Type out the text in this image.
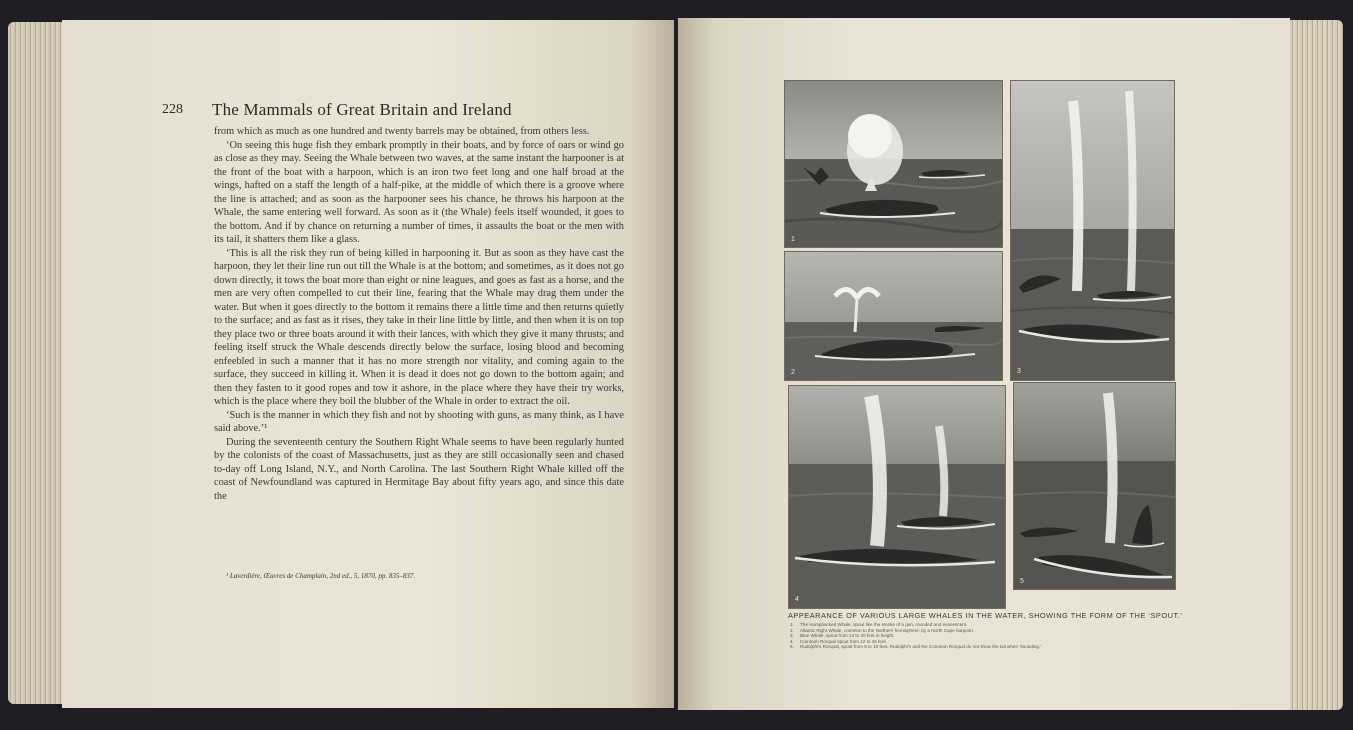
228 The Mammals of Great Britain and Ireland

from which as much as one hundred and twenty barrels may be obtained, from others less.

‘On seeing this huge fish they embark promptly in their boats, and by force of oars or wind go as close as they may. Seeing the Whale between two waves, at the same instant the harpooner is at the front of the boat with a harpoon, which is an iron two feet long and one half broad at the wings, hafted on a staff the length of a half-pike, at the middle of which there is a groove where the line is attached; and as soon as the harpooner sees his chance, he throws his harpoon at the Whale, the same entering well forward. As soon as it (the Whale) feels itself wounded, it goes to the bottom. And if by chance on returning a number of times, it assaults the boat or the men with its tail, it shatters them like a glass.

‘This is all the risk they run of being killed in harpooning it. But as soon as they have cast the harpoon, they let their line run out till the Whale is at the bottom; and sometimes, as it does not go down directly, it tows the boat more than eight or nine leagues, and goes as fast as a horse, and the men are very often compelled to cut their line, fearing that the Whale may drag them under the water. But when it goes directly to the bottom it remains there a little time and then returns quietly to the surface; and as fast as it rises, they take in their line little by little, and then when it is on top they place two or three boats around it with their lances, with which they give it many thrusts; and feeling itself struck the Whale descends directly below the surface, losing blood and becoming enfeebled in such a manner that it has no more strength nor vitality, and coming again to the surface, they succeed in killing it. When it is dead it does not go down to the bottom again; and then they fasten to it good ropes and tow it ashore, in the place where they have their try works, which is the place where they boil the blubber of the Whale in order to extract the oil.

‘Such is the manner in which they fish and not by shooting with guns, as many think, as I have said above.’¹

During the seventeenth century the Southern Right Whale seems to have been regularly hunted by the colonists of the coast of Massachusetts, just as they are still occasionally seen and chased to-day off Long Island, N.Y., and North Carolina. The last Southern Right Whale killed off the coast of Newfoundland was captured in Hermitage Bay about fifty years ago, and since this date the

¹ Laverdière, Œuvres de Champlain, 2nd ed., 5, 1870, pp. 835–837.
1
2	3
4
5
APPEARANCE OF VARIOUS LARGE WHALES IN THE WATER, SHOWING THE FORM OF THE ‘SPOUT.’
1. The Humpbacked Whale, spout like the smoke of a gun, rounded and evanescent.
2. Atlantic Right Whale, common to the Northern hemisphere; by a North Cape harpoon.
3. Blue Whale, spout from 14 to 20 feet in height.
4. Common Rorqual spout from 12 to 15 feet.
5. Rudolphi's Rorqual, spout from 8 to 10 feet. Rudolphi's and the Common Rorqual do not show the tail when ‘sounding.’
